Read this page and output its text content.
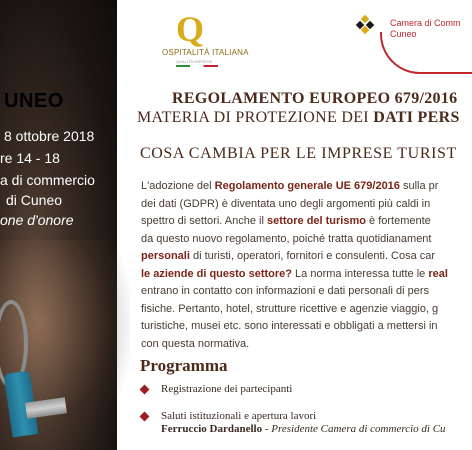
UNEO
8 ottobre 2018
re 14 - 18
a di commercio
di Cuneo
one d'onore
Q
OSPITALITÀ ITALIANA
QUALITÀ IMPRESE
Camera di Comm
Cuneo
REGOLAMENTO EUROPEO 679/2016
MATERIA DI PROTEZIONE DEI DATI PERS
COSA CAMBIA PER LE IMPRESE TURIST
L'adozione del Regolamento generale UE 679/2016 sulla pr
dei dati (GDPR) è diventata uno degli argomenti più caldi in
spettro di settori. Anche il settore del turismo è fortemente
da questo nuovo regolamento, poiché tratta quotidianament
personali di turisti, operatori, fornitori e consulenti. Cosa car
le aziende di questo settore? La norma interessa tutte le real
entrano in contatto con informazioni e dati personali di pers
fisiche. Pertanto, hotel, strutture ricettive e agenzie viaggio, g
turistiche, musei etc. sono interessati e obbligati a mettersi in
con questa normativa.
Programma
Registrazione dei partecipanti
Saluti istituzionali e apertura lavori
Ferruccio Dardanello - Presidente Camera di commercio di Cu
